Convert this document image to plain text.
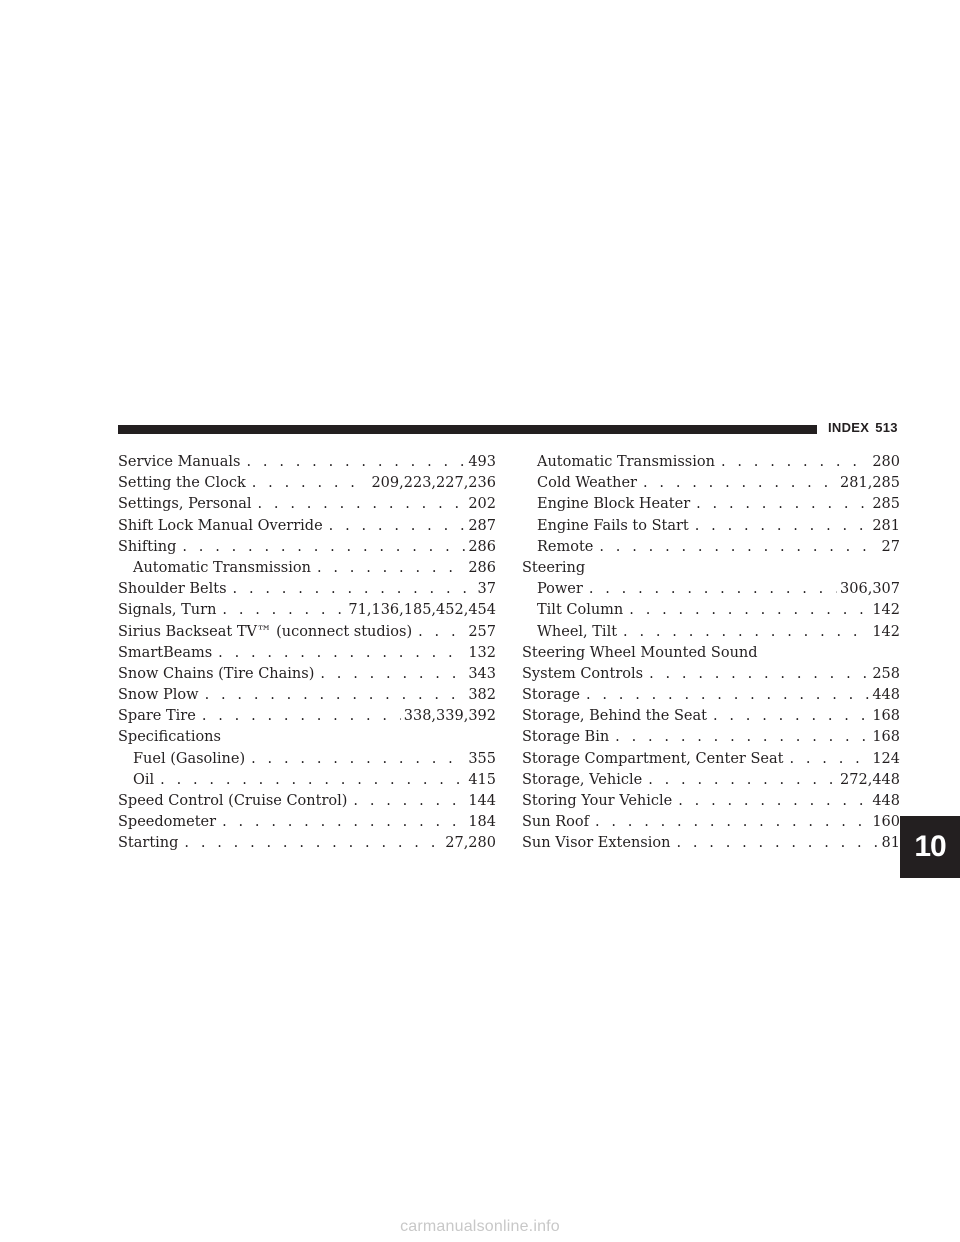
INDEX 513
Service Manuals . . .	493
Setting the Clock . . .	209,223,227,236
Settings, Personal . . .	202
Shift Lock Manual Override . . .	287
Shifting . . .	286
Automatic Transmission . . .	286
Shoulder Belts . . .	37
Signals, Turn . . .	71,136,185,452,454
Sirius Backseat TV™ (uconnect studios) . . .	257
SmartBeams . . .	132
Snow Chains (Tire Chains) . . .	343
Snow Plow . . .	382
Spare Tire . . .	338,339,392
Specifications
Fuel (Gasoline) . . .	355
Oil . . .	415
Speed Control (Cruise Control) . . .	144
Speedometer . . .	184
Starting . . .	27,280
Automatic Transmission . . .	280
Cold Weather . . .	281,285
Engine Block Heater . . .	285
Engine Fails to Start . . .	281
Remote . . .	27
Steering
Power . . .	306,307
Tilt Column . . .	142
Wheel, Tilt . . .	142
Steering Wheel Mounted Sound
System Controls . . .	258
Storage . . .	448
Storage, Behind the Seat . . .	168
Storage Bin . . .	168
Storage Compartment, Center Seat . . .	124
Storage, Vehicle . . .	272,448
Storing Your Vehicle . . .	448
Sun Roof . . .	160
Sun Visor Extension . . .	81 10
carmanualsonline.info
